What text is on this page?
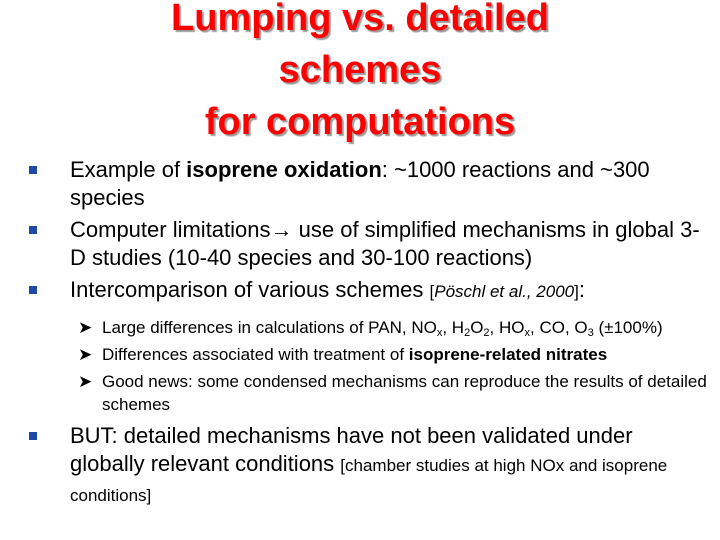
Lumping vs. detailed
schemes
for computations
Example of isoprene oxidation: ~1000 reactions and ~300 species
Computer limitations→ use of simplified mechanisms in global 3-D studies (10-40 species and 30-100 reactions)
Intercomparison of various schemes [Pöschl et al., 2000]:
➤ Large differences in calculations of PAN, $NO_x$, $H_2O_2$, $HO_x$, CO, $O_3$ (±100%)
➤ Differences associated with treatment of isoprene-related nitrates
➤ Good news: some condensed mechanisms can reproduce the results of detailed schemes
BUT: detailed mechanisms have not been validated under globally relevant conditions [chamber studies at high NOx and isoprene conditions]
